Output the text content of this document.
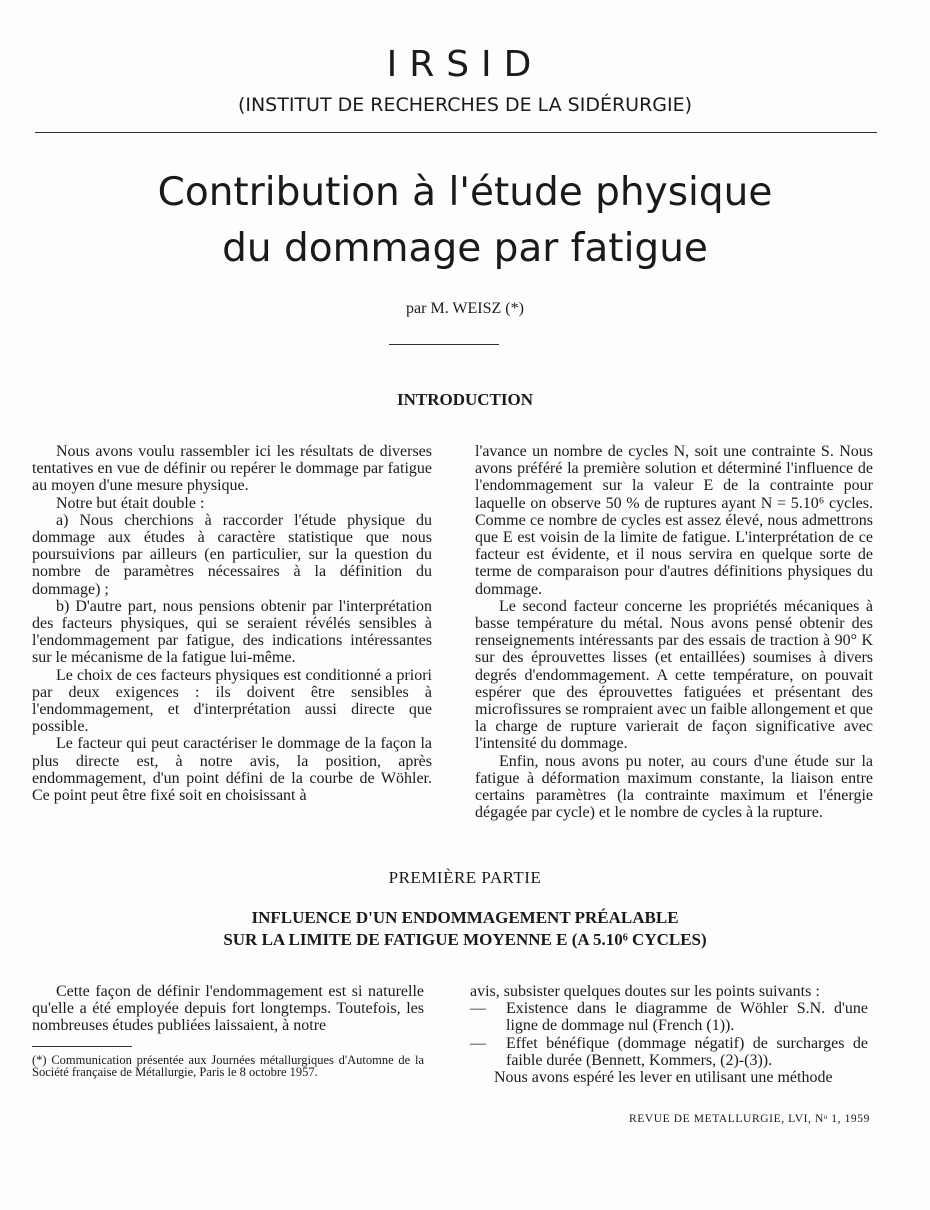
IRSID
(INSTITUT DE RECHERCHES DE LA SIDÉRURGIE)
Contribution à l'étude physique
du dommage par fatigue
par M. WEISZ (*)
INTRODUCTION

Nous avons voulu rassembler ici les résultats de diverses tentatives en vue de définir ou repérer le dommage par fatigue au moyen d'une mesure physique.

Notre but était double :

a) Nous cherchions à raccorder l'étude physique du dommage aux études à caractère statistique que nous poursuivions par ailleurs (en particulier, sur la question du nombre de paramètres nécessaires à la définition du dommage) ;

b) D'autre part, nous pensions obtenir par l'interprétation des facteurs physiques, qui se seraient révélés sensibles à l'endommagement par fatigue, des indications intéressantes sur le mécanisme de la fatigue lui-même.

Le choix de ces facteurs physiques est conditionné a priori par deux exigences : ils doivent être sensibles à l'endommagement, et d'interprétation aussi directe que possible.

Le facteur qui peut caractériser le dommage de la façon la plus directe est, à notre avis, la position, après endommagement, d'un point défini de la courbe de Wöhler. Ce point peut être fixé soit en choisissant à

l'avance un nombre de cycles N, soit une contrainte S. Nous avons préféré la première solution et déterminé l'influence de l'endommagement sur la valeur E de la contrainte pour laquelle on observe 50 % de ruptures ayant N = 5.10⁶ cycles. Comme ce nombre de cycles est assez élevé, nous admettrons que E est voisin de la limite de fatigue. L'interprétation de ce facteur est évidente, et il nous servira en quelque sorte de terme de comparaison pour d'autres définitions physiques du dommage.

Le second facteur concerne les propriétés mécaniques à basse température du métal. Nous avons pensé obtenir des renseignements intéressants par des essais de traction à 90° K sur des éprouvettes lisses (et entaillées) soumises à divers degrés d'endommagement. A cette température, on pouvait espérer que des éprouvettes fatiguées et présentant des microfissures se rompraient avec un faible allongement et que la charge de rupture varierait de façon significative avec l'intensité du dommage.

Enfin, nous avons pu noter, au cours d'une étude sur la fatigue à déformation maximum constante, la liaison entre certains paramètres (la contrainte maximum et l'énergie dégagée par cycle) et le nombre de cycles à la rupture.

PREMIÈRE PARTIE
INFLUENCE D'UN ENDOMMAGEMENT PRÉALABLE
SUR LA LIMITE DE FATIGUE MOYENNE E (A 5.10⁶ CYCLES)

Cette façon de définir l'endommagement est si naturelle qu'elle a été employée depuis fort longtemps. Toutefois, les nombreuses études publiées laissaient, à notre

(*) Communication présentée aux Journées métallurgiques d'Automne de la Société française de Métallurgie, Paris le 8 octobre 1957.

avis, subsister quelques doutes sur les points suivants :

— Existence dans le diagramme de Wöhler S.N. d'une ligne de dommage nul (French (1)).

— Effet bénéfique (dommage négatif) de surcharges de faible durée (Bennett, Kommers, (2)-(3)).

Nous avons espéré les lever en utilisant une méthode

REVUE DE METALLURGIE, LVI, Nᵒ 1, 1959
